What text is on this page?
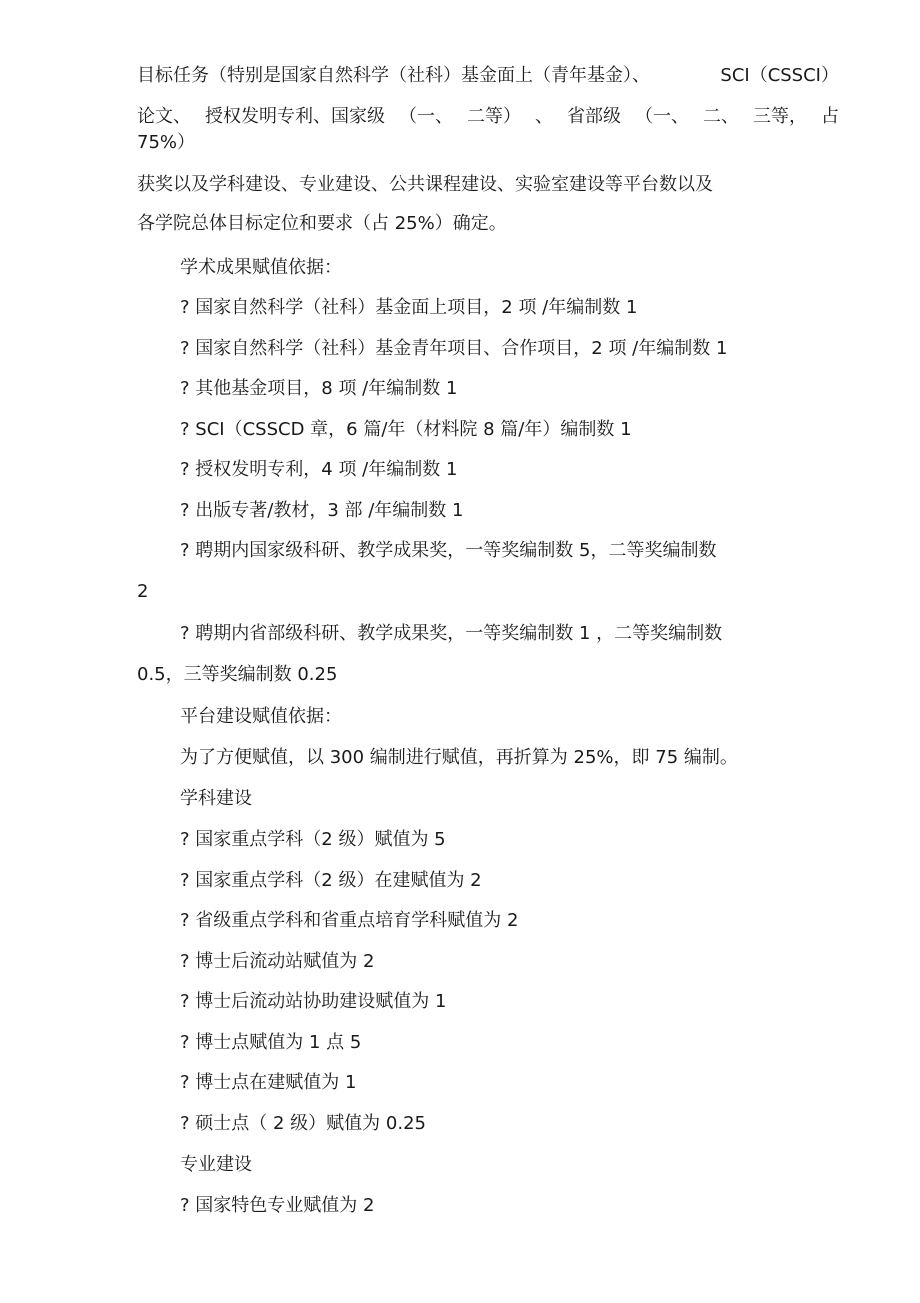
目标任务（特别是国家自然科学（社科）基金面上（青年基金）、	SCI（CSSCI）
论文、 授权发明专利、国家级 （一、 二等） 、 省部级 （一、 二、 三等， 占
75%）
获奖以及学科建设、专业建设、公共课程建设、实验室建设等平台数以及
各学院总体目标定位和要求（占 25%）确定。
学术成果赋值依据：
? 国家自然科学（社科）基金面上项目，2 项 /年编制数 1
? 国家自然科学（社科）基金青年项目、合作项目，2 项 /年编制数 1
? 其他基金项目，8 项 /年编制数 1
? SCI（CSSCD 章，6 篇/年（材料院 8 篇/年）编制数 1
? 授权发明专利，4 项 /年编制数 1
? 出版专著/教材，3 部 /年编制数 1
? 聘期内国家级科研、教学成果奖，一等奖编制数 5，二等奖编制数
2
? 聘期内省部级科研、教学成果奖，一等奖编制数 1 ，二等奖编制数
0.5，三等奖编制数 0.25
平台建设赋值依据：
为了方便赋值，以 300 编制进行赋值，再折算为 25%，即 75 编制。
学科建设
? 国家重点学科（2 级）赋值为 5
? 国家重点学科（2 级）在建赋值为 2
? 省级重点学科和省重点培育学科赋值为 2
? 博士后流动站赋值为 2
? 博士后流动站协助建设赋值为 1
? 博士点赋值为 1 点 5
? 博士点在建赋值为 1
? 硕士点（ 2 级）赋值为 0.25
专业建设
? 国家特色专业赋值为 2
